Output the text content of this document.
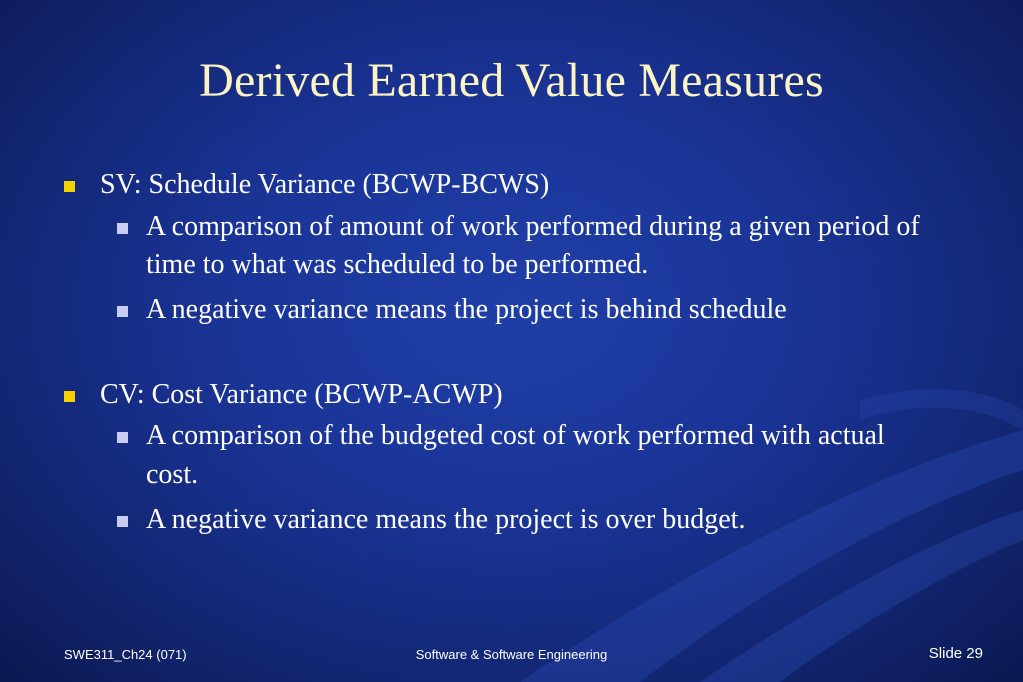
Derived Earned Value Measures
SV: Schedule Variance (BCWP-BCWS)
A comparison of amount of work performed during a given period of time to what was scheduled to be performed.
A negative variance means the project is behind schedule
CV: Cost Variance (BCWP-ACWP)
A comparison of the budgeted cost of work performed with actual cost.
A negative variance means the project is over budget.
SWE311_Ch24 (071)	Software & Software Engineering	Slide 29
